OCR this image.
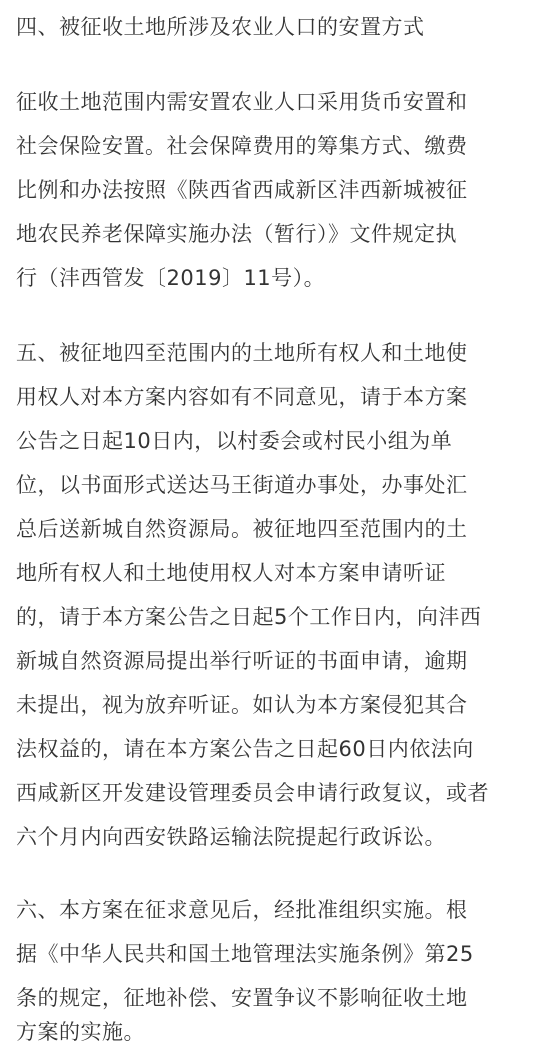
四、被征收土地所涉及农业人口的安置方式
征收土地范围内需安置农业人口采用货币安置和
社会保险安置。社会保障费用的筹集方式、缴费
比例和办法按照《陕西省西咸新区沣西新城被征
地农民养老保障实施办法（暂行）》文件规定执
行（沣西管发〔2019〕11号）。
五、被征地四至范围内的土地所有权人和土地使
用权人对本方案内容如有不同意见，请于本方案
公告之日起10日内，以村委会或村民小组为单
位，以书面形式送达马王街道办事处，办事处汇
总后送新城自然资源局。被征地四至范围内的土
地所有权人和土地使用权人对本方案申请听证
的，请于本方案公告之日起5个工作日内，向沣西
新城自然资源局提出举行听证的书面申请，逾期
未提出，视为放弃听证。如认为本方案侵犯其合
法权益的，请在本方案公告之日起60日内依法向
西咸新区开发建设管理委员会申请行政复议，或者
六个月内向西安铁路运输法院提起行政诉讼。
六、本方案在征求意见后，经批准组织实施。根
据《中华人民共和国土地管理法实施条例》第25
条的规定，征地补偿、安置争议不影响征收土地
方案的实施。
